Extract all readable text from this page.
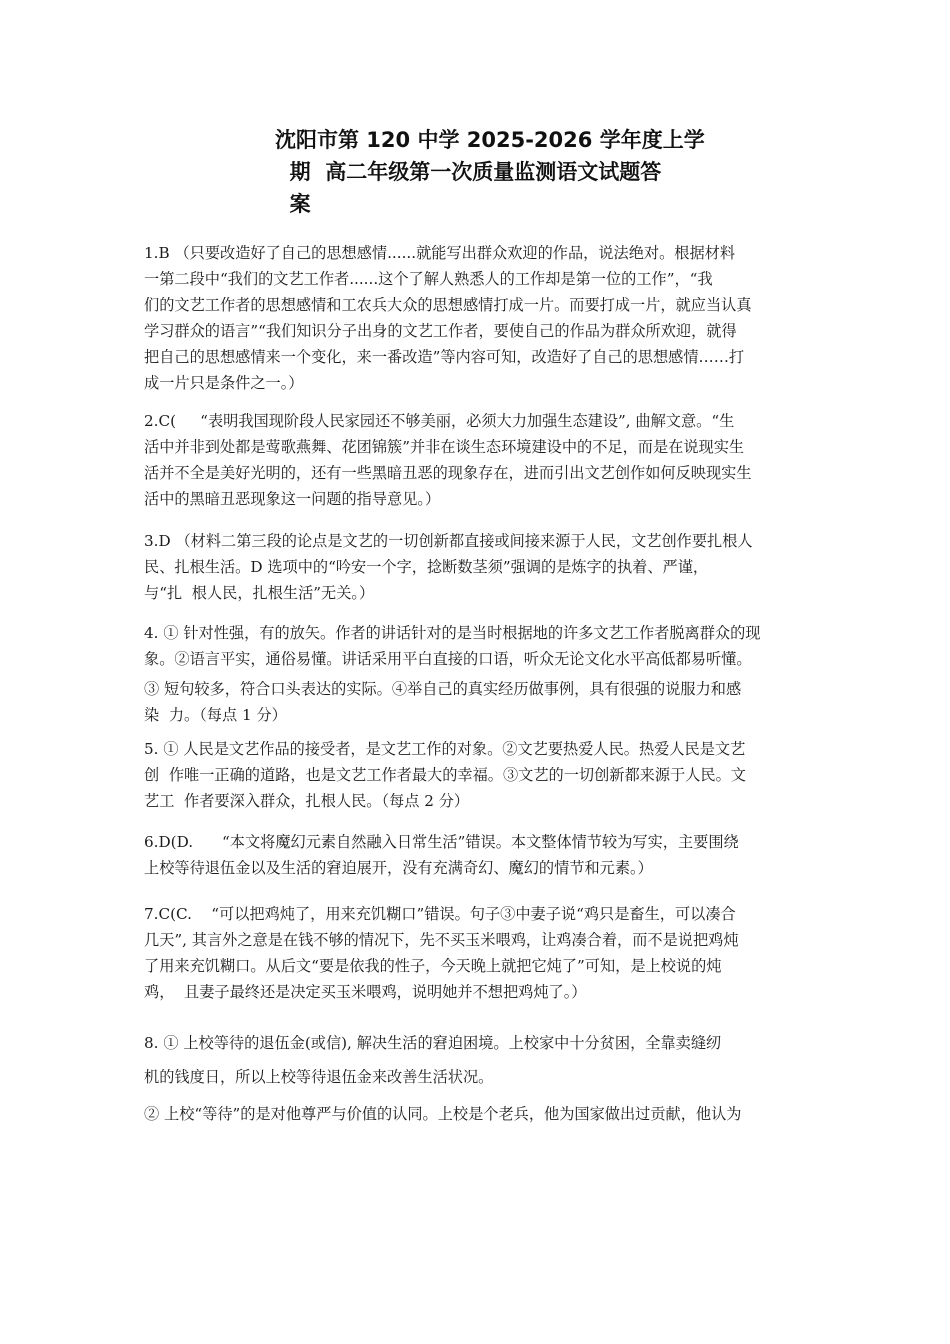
沈阳市第 120 中学 2025-2026 学年度上学
期  高二年级第一次质量监测语文试题答
案
1.B （只要改造好了自己的思想感情......就能写出群众欢迎的作品，说法绝对。根据材料
一第二段中“我们的文艺工作者......这个了解人熟悉人的工作却是第一位的工作”，“我
们的文艺工作者的思想感情和工农兵大众的思想感情打成一片。而要打成一片，就应当认真
学习群众的语言”“我们知识分子出身的文艺工作者，要使自己的作品为群众所欢迎，就得
把自己的思想感情来一个变化，来一番改造”等内容可知，改造好了自己的思想感情……打
成一片只是条件之一。）
2.C(     “表明我国现阶段人民家园还不够美丽，必须大力加强生态建设”, 曲解文意。“生
活中并非到处都是莺歌燕舞、花团锦簇”并非在谈生态环境建设中的不足，而是在说现实生
活并不全是美好光明的，还有一些黑暗丑恶的现象存在，进而引出文艺创作如何反映现实生
活中的黑暗丑恶现象这一问题的指导意见。）
3.D （材料二第三段的论点是文艺的一切创新都直接或间接来源于人民，文艺创作要扎根人
民、扎根生活。D 选项中的“吟安一个字，捻断数茎须”强调的是炼字的执着、严谨，
与“扎  根人民，扎根生活”无关。）
4. ① 针对性强，有的放矢。作者的讲话针对的是当时根据地的许多文艺工作者脱离群众的现
象。②语言平实，通俗易懂。讲话采用平白直接的口语，听众无论文化水平高低都易听懂。
③ 短句较多，符合口头表达的实际。④举自己的真实经历做事例，具有很强的说服力和感
染  力。（每点 1 分）
5. ① 人民是文艺作品的接受者，是文艺工作的对象。②文艺要热爱人民。热爱人民是文艺
创  作唯一正确的道路，也是文艺工作者最大的幸福。③文艺的一切创新都来源于人民。文
艺工  作者要深入群众，扎根人民。（每点 2 分）
6.D(D.      “本文将魔幻元素自然融入日常生活”错误。本文整体情节较为写实，主要围绕
上校等待退伍金以及生活的窘迫展开，没有充满奇幻、魔幻的情节和元素。）
7.C(C.    “可以把鸡炖了，用来充饥糊口”错误。句子③中妻子说“鸡只是畜生，可以凑合
几天”, 其言外之意是在钱不够的情况下，先不买玉米喂鸡，让鸡凑合着，而不是说把鸡炖
了用来充饥糊口。从后文“要是依我的性子，今天晚上就把它炖了”可知，是上校说的炖
鸡，  且妻子最终还是决定买玉米喂鸡，说明她并不想把鸡炖了。）
8. ① 上校等待的退伍金(或信), 解决生活的窘迫困境。上校家中十分贫困，全靠卖缝纫
机的钱度日，所以上校等待退伍金来改善生活状况。
② 上校“等待”的是对他尊严与价值的认同。上校是个老兵，他为国家做出过贡献，他认为
